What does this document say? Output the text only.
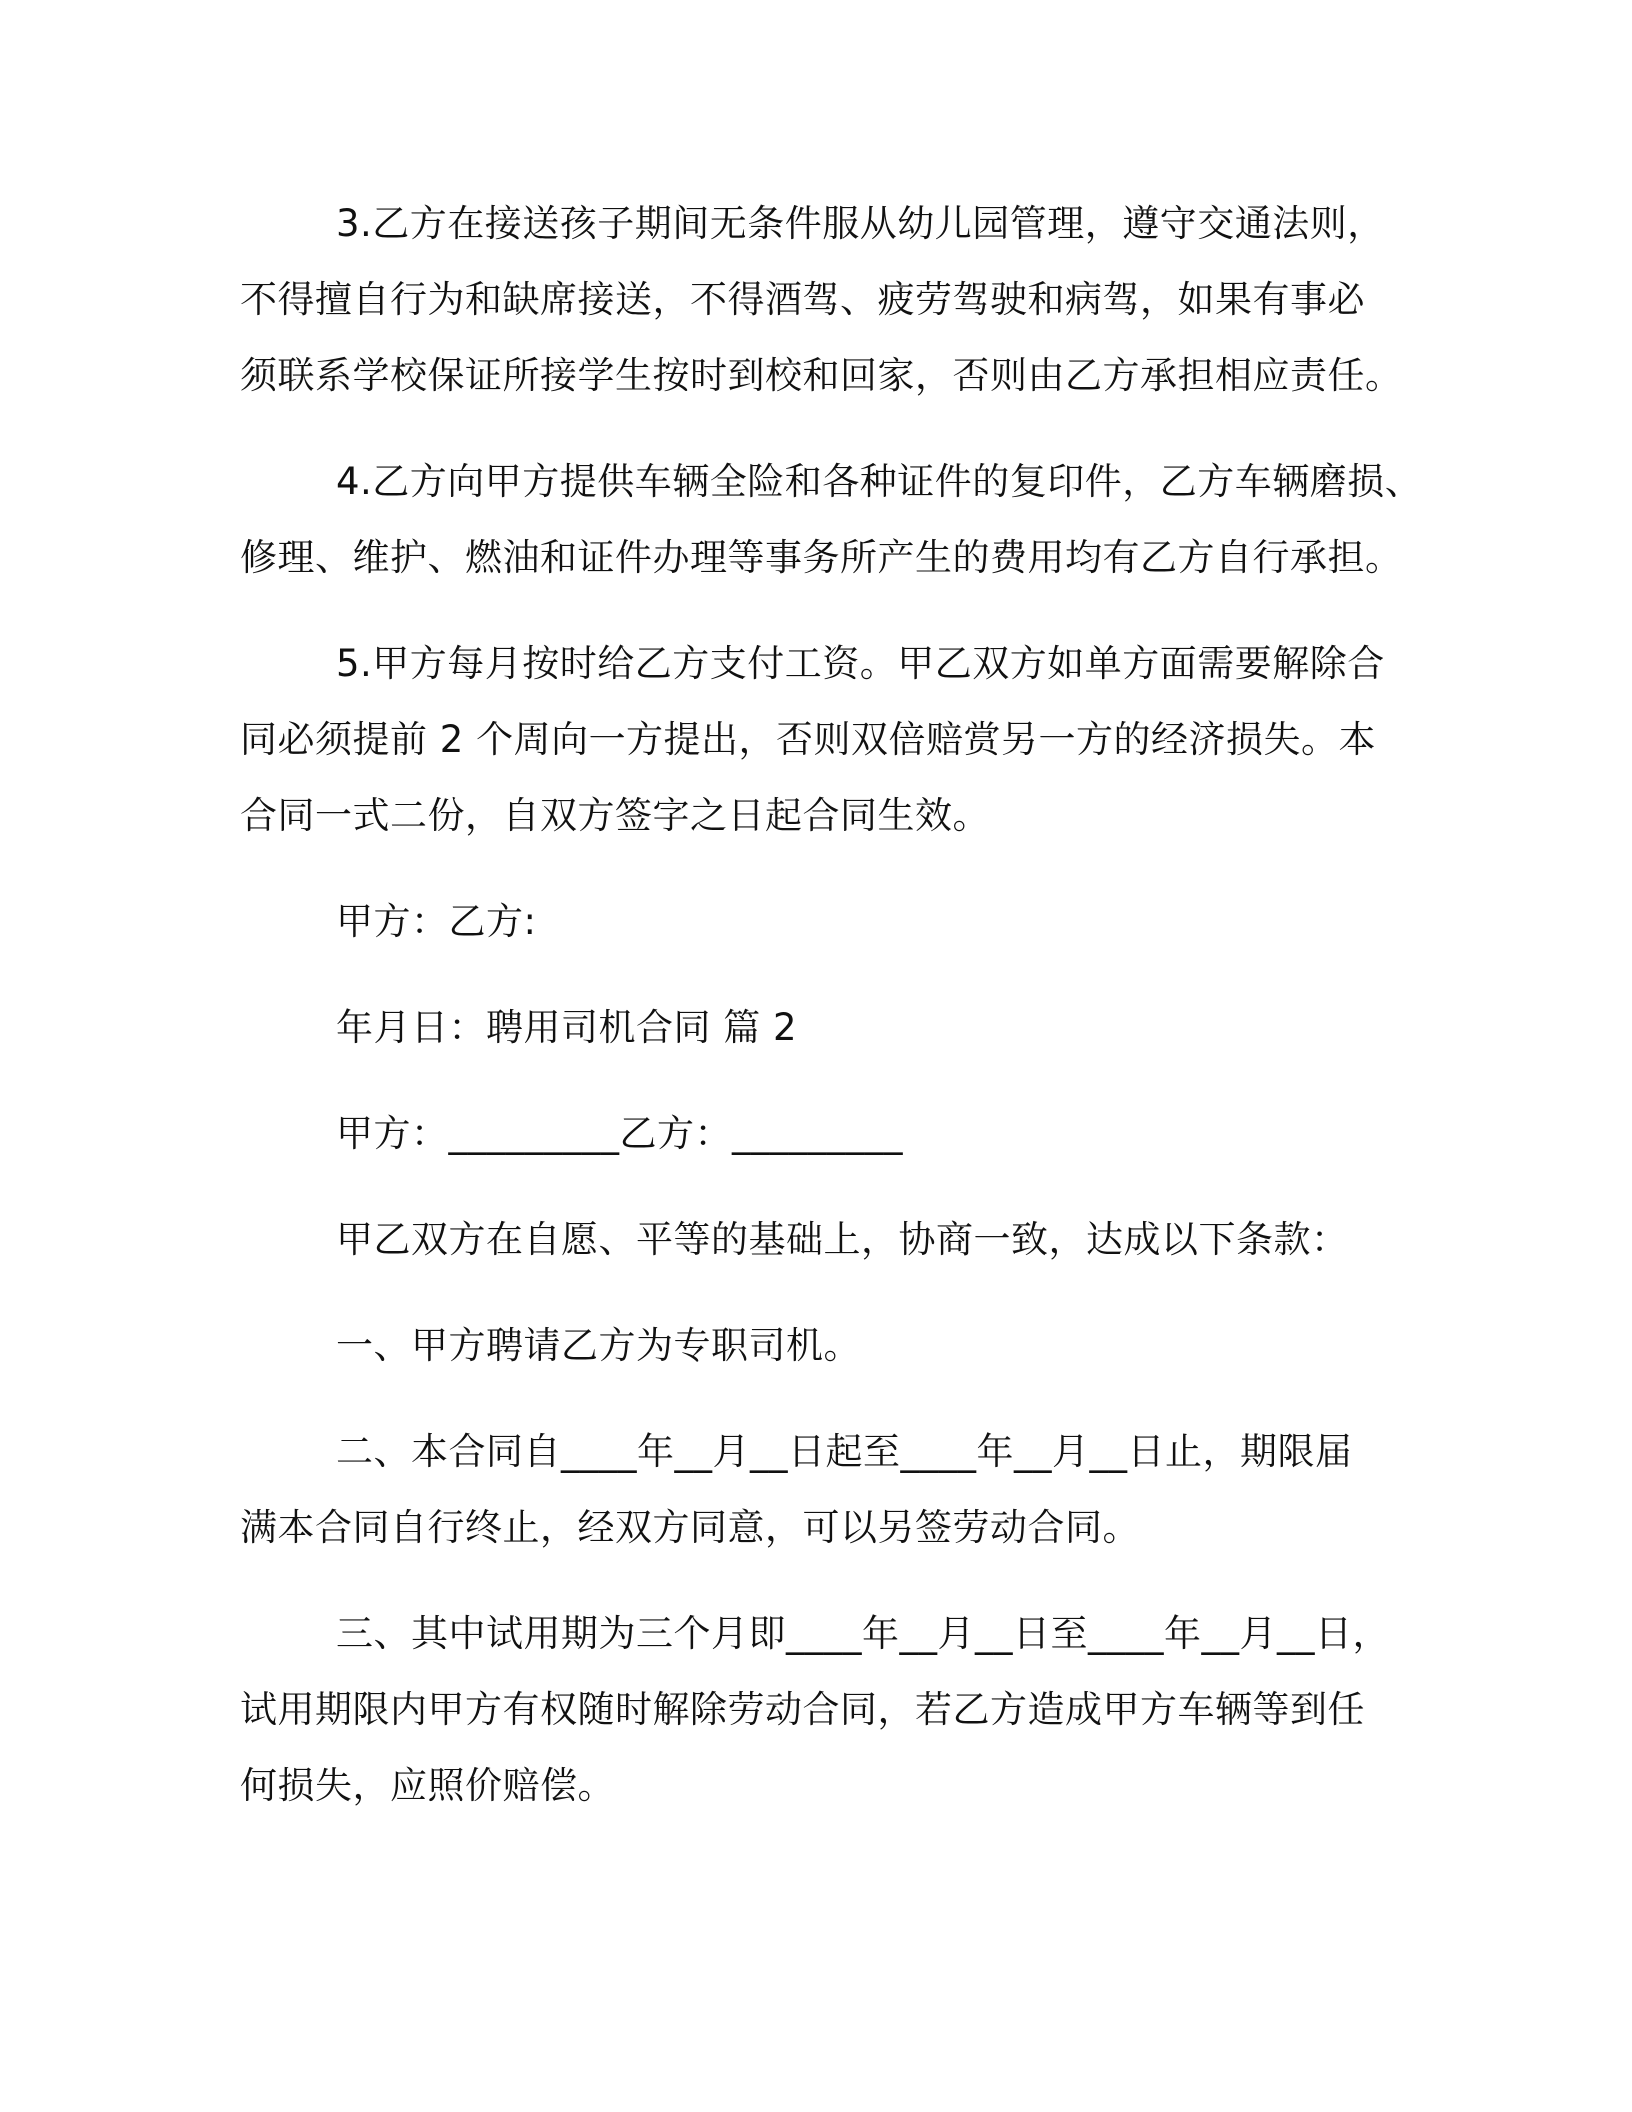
3.乙方在接送孩子期间无条件服从幼儿园管理，遵守交通法则，
不得擅自行为和缺席接送，不得酒驾、疲劳驾驶和病驾，如果有事必
须联系学校保证所接学生按时到校和回家，否则由乙方承担相应责任。
4.乙方向甲方提供车辆全险和各种证件的复印件，乙方车辆磨损、
修理、维护、燃油和证件办理等事务所产生的费用均有乙方自行承担。
5.甲方每月按时给乙方支付工资。甲乙双方如单方面需要解除合
同必须提前 2 个周向一方提出，否则双倍赔赏另一方的经济损失。本
合同一式二份，自双方签字之日起合同生效。
甲方：乙方:
年月日：聘用司机合同 篇 2
甲方：_________乙方：_________
甲乙双方在自愿、平等的基础上，协商一致，达成以下条款：
一、甲方聘请乙方为专职司机。
二、本合同自____年__月__日起至____年__月__日止，期限届
满本合同自行终止，经双方同意，可以另签劳动合同。
三、其中试用期为三个月即____年__月__日至____年__月__日，
试用期限内甲方有权随时解除劳动合同，若乙方造成甲方车辆等到任
何损失，应照价赔偿。
